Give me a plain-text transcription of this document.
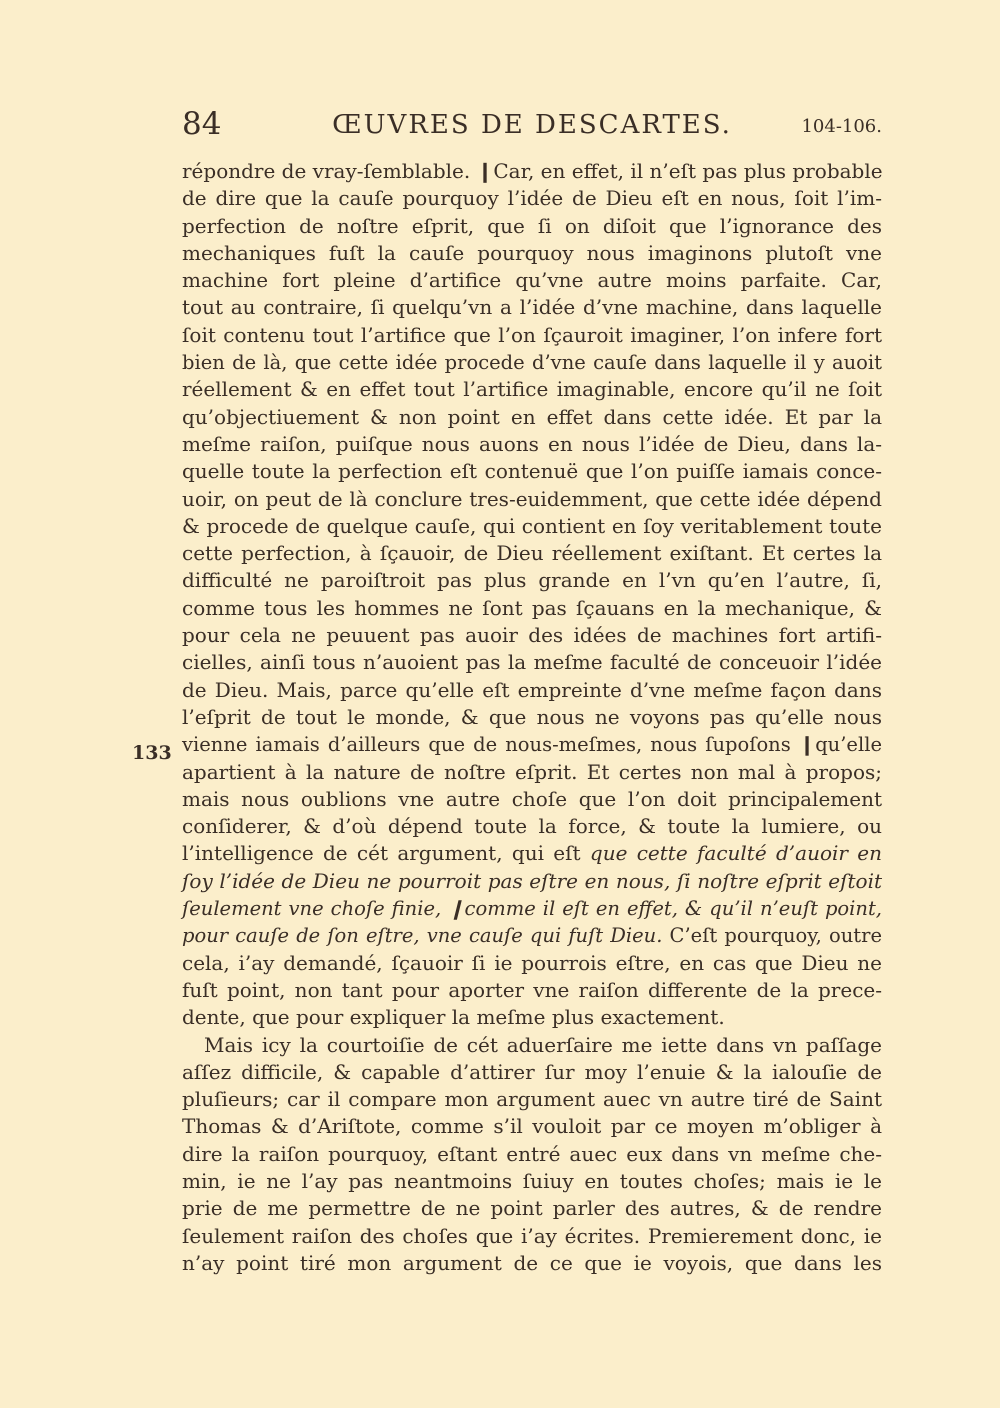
84	ŒUVRES DE DESCARTES.	104-106.
133
répondre de vray-ſemblable. ❙Car, en effet, il n’eſt pas plus probable
de dire que la cauſe pourquoy l’idée de Dieu eſt en nous, ſoit l’im-
perfection de noſtre eſprit, que ſi on diſoit que l’ignorance des
mechaniques fuſt la cauſe pourquoy nous imaginons plutoſt vne
machine fort pleine d’artifice qu’vne autre moins parfaite. Car,
tout au contraire, ſi quelqu’vn a l’idée d’vne machine, dans laquelle
ſoit contenu tout l’artifice que l’on ſçauroit imaginer, l’on infere fort
bien de là, que cette idée procede d’vne cauſe dans laquelle il y auoit
réellement & en effet tout l’artifice imaginable, encore qu’il ne ſoit
qu’objectiuement & non point en effet dans cette idée. Et par la
meſme raiſon, puiſque nous auons en nous l’idée de Dieu, dans la-
quelle toute la perfection eſt contenuë que l’on puiſſe iamais conce-
uoir, on peut de là conclure tres-euidemment, que cette idée dépend
& procede de quelque cauſe, qui contient en ſoy veritablement toute
cette perfection, à ſçauoir, de Dieu réellement exiſtant. Et certes la
difficulté ne paroiſtroit pas plus grande en l’vn qu’en l’autre, ſi,
comme tous les hommes ne ſont pas ſçauans en la mechanique, &
pour cela ne peuuent pas auoir des idées de machines fort artifi-
cielles, ainſi tous n’auoient pas la meſme faculté de conceuoir l’idée
de Dieu. Mais, parce qu’elle eſt empreinte d’vne meſme façon dans
l’eſprit de tout le monde, & que nous ne voyons pas qu’elle nous
vienne iamais d’ailleurs que de nous-meſmes, nous ſupoſons ❙qu’elle
apartient à la nature de noſtre eſprit. Et certes non mal à propos;
mais nous oublions vne autre choſe que l’on doit principalement
conſiderer, & d’où dépend toute la force, & toute la lumiere, ou
l’intelligence de cét argument, qui eſt que cette faculté d’auoir en
ſoy l’idée de Dieu ne pourroit pas eſtre en nous, ſi noſtre eſprit eſtoit
ſeulement vne choſe finie, ❙comme il eſt en effet, & qu’il n’euſt point,
pour cauſe de ſon eſtre, vne cauſe qui fuſt Dieu. C’eſt pourquoy, outre
cela, i’ay demandé, ſçauoir ſi ie pourrois eſtre, en cas que Dieu ne
fuſt point, non tant pour aporter vne raiſon differente de la prece-
dente, que pour expliquer la meſme plus exactement.
Mais icy la courtoiſie de cét aduerſaire me iette dans vn paſſage
aſſez difficile, & capable d’attirer ſur moy l’enuie & la ialouſie de
pluſieurs; car il compare mon argument auec vn autre tiré de Saint
Thomas & d’Ariſtote, comme s’il vouloit par ce moyen m’obliger à
dire la raiſon pourquoy, eſtant entré auec eux dans vn meſme che-
min, ie ne l’ay pas neantmoins ſuiuy en toutes choſes; mais ie le
prie de me permettre de ne point parler des autres, & de rendre
ſeulement raiſon des choſes que i’ay écrites. Premierement donc, ie
n’ay point tiré mon argument de ce que ie voyois, que dans les
